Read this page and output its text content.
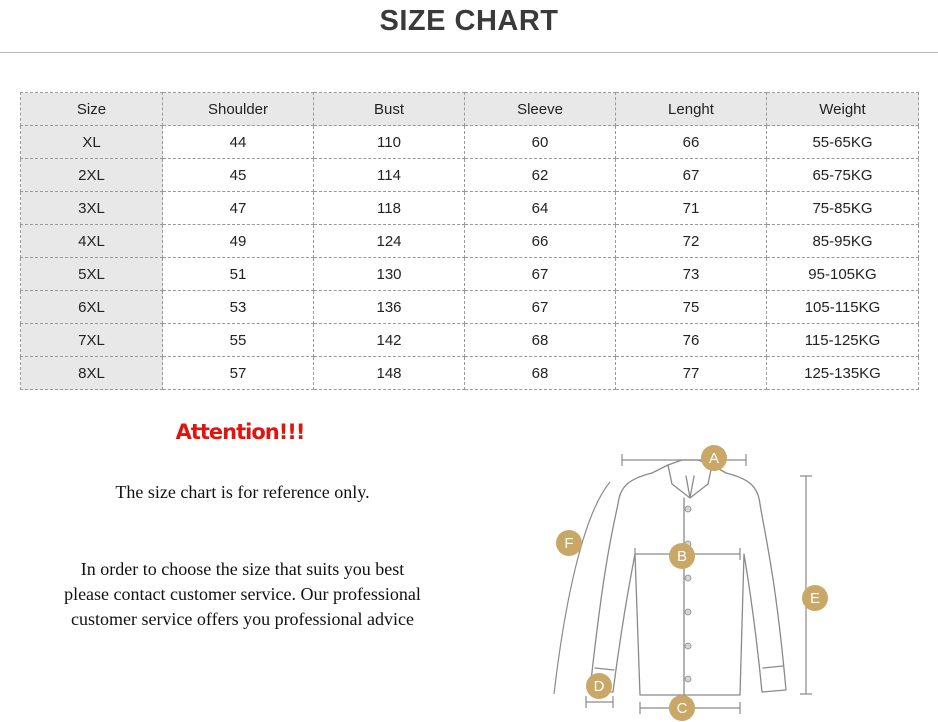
SIZE CHART
Size	Shoulder	Bust	Sleeve	Lenght	Weight
XL	44	110	60	66	55-65KG
2XL	45	114	62	67	65-75KG
3XL	47	118	64	71	75-85KG
4XL	49	124	66	72	85-95KG
5XL	51	130	67	73	95-105KG
6XL	53	136	67	75	105-115KG
7XL	55	142	68	76	115-125KG
8XL	57	148	68	77	125-135KG
Attention!!!
The size chart is for reference only.
In order to choose the size that suits you best
please contact customer service. Our professional
customer service offers you professional advice
A
B
C
D
E
F
